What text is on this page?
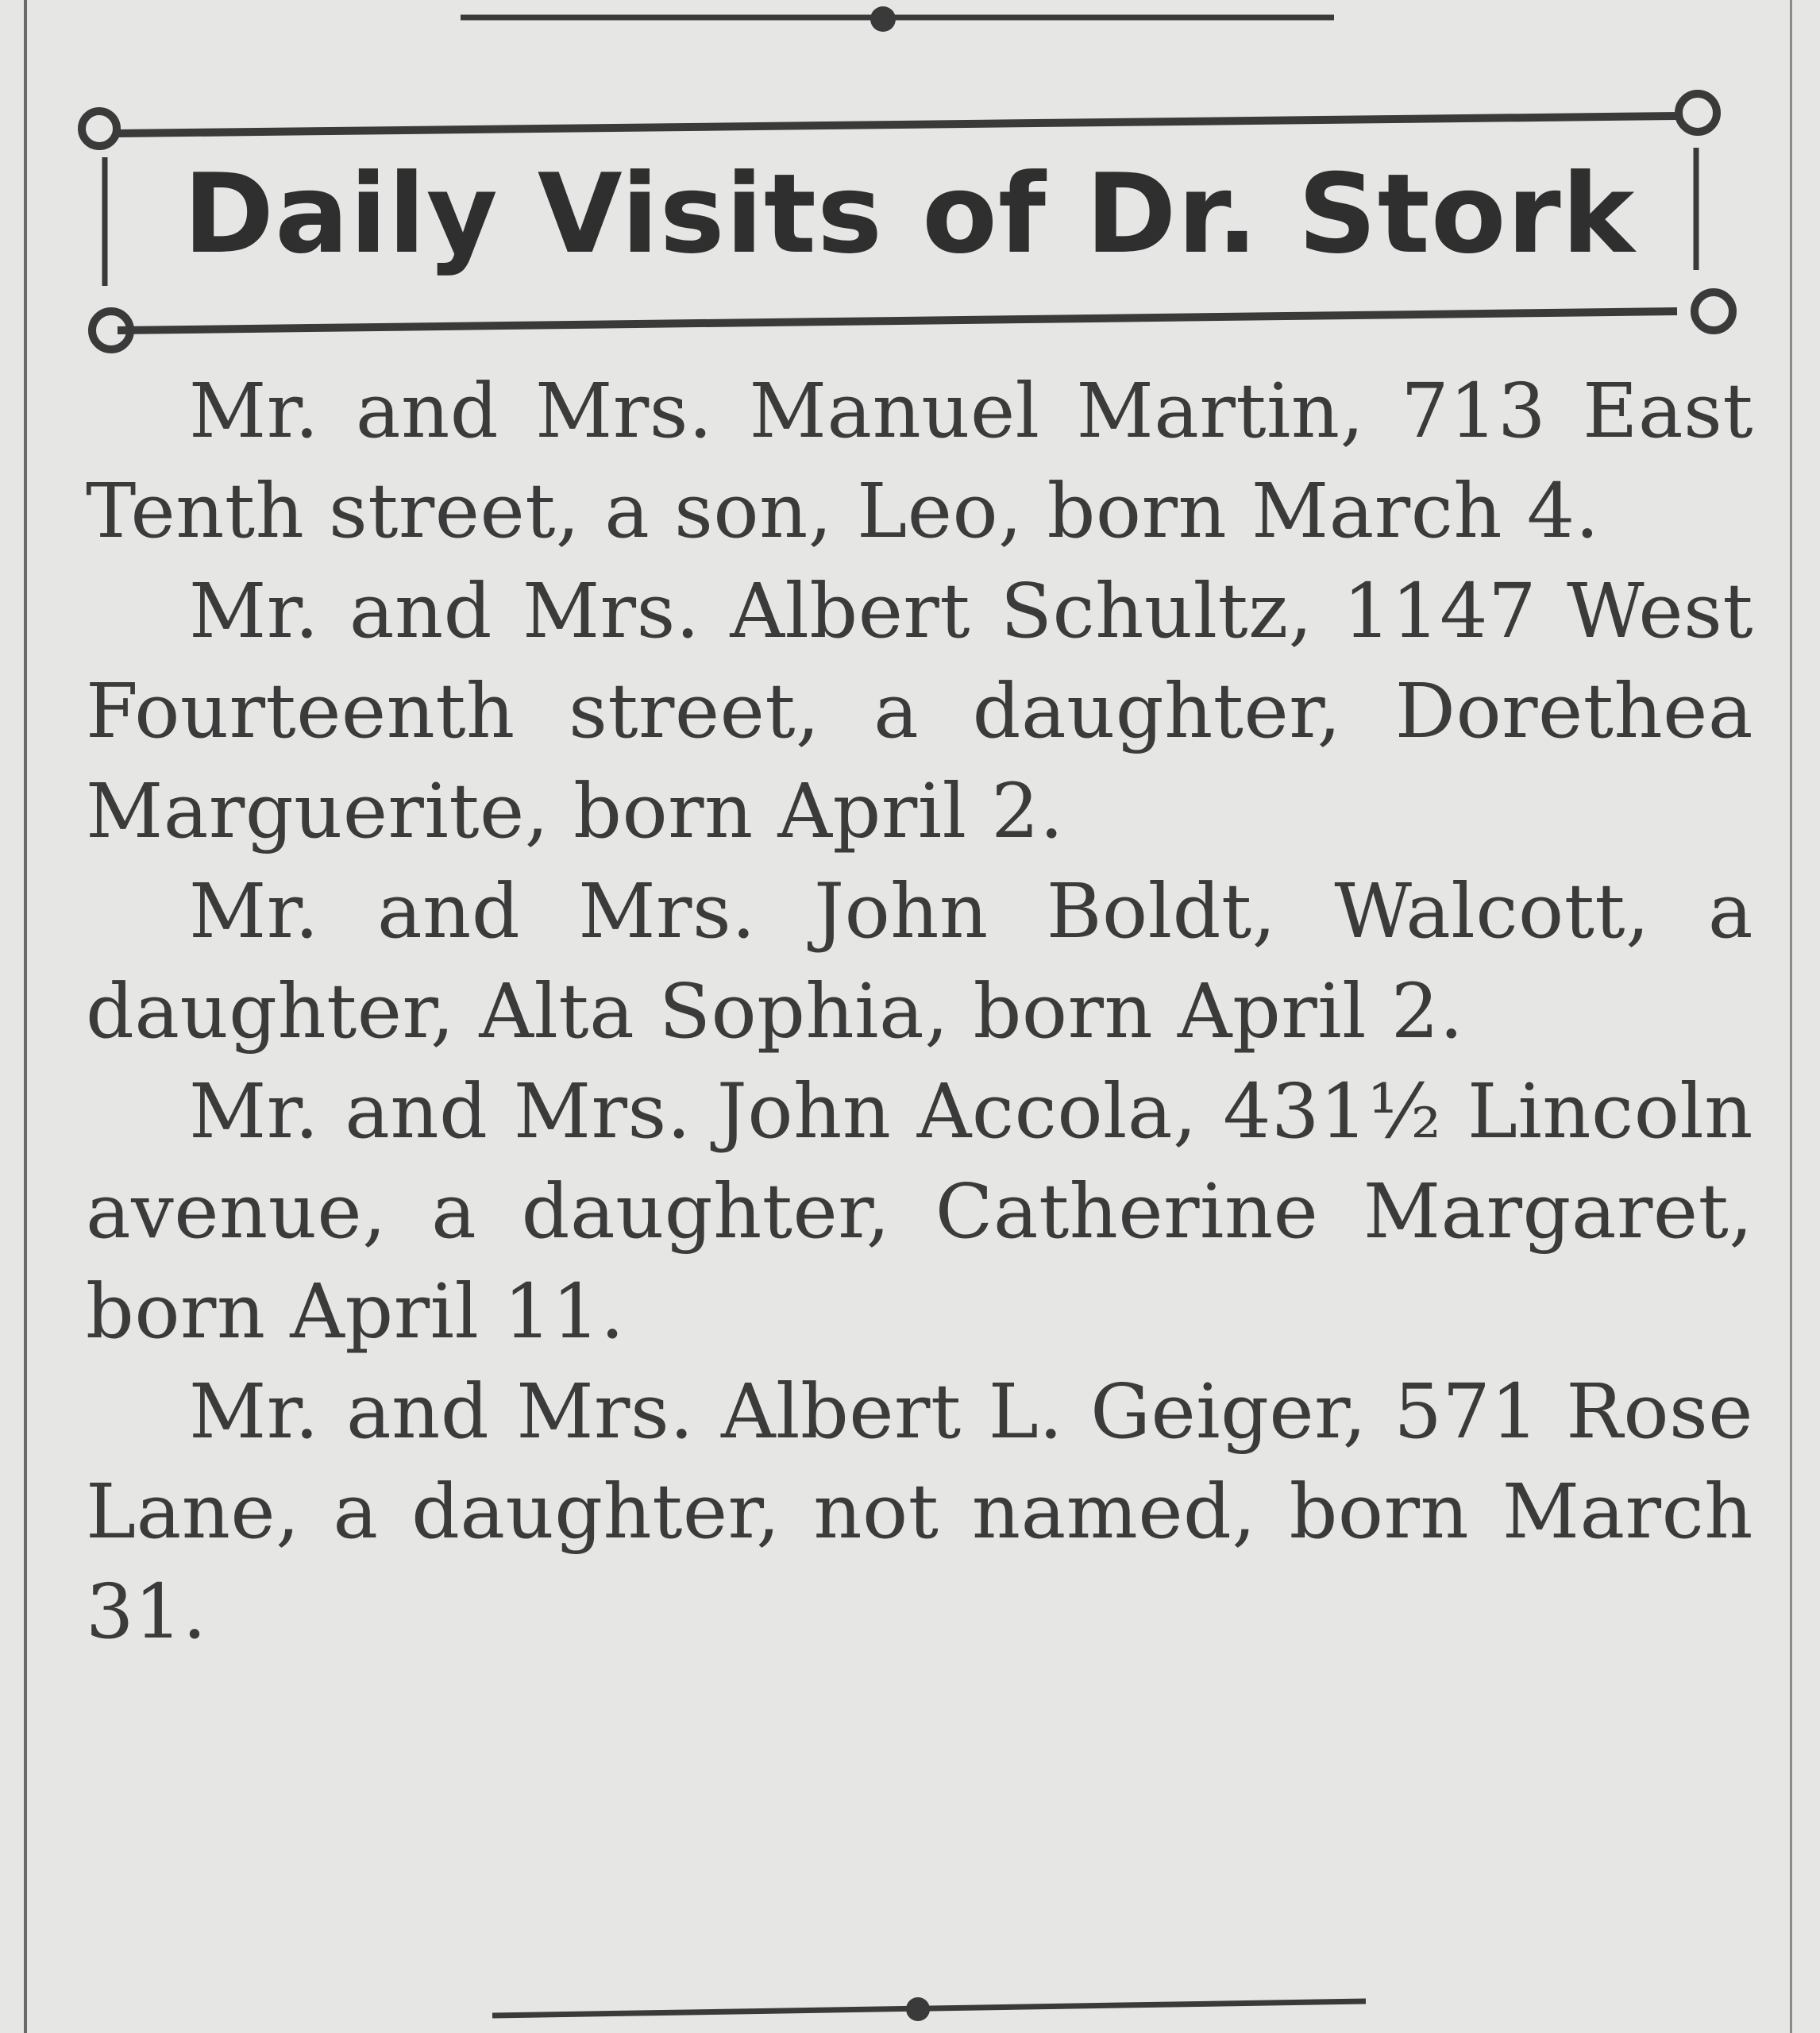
Daily Visits of Dr. Stork

Mr. and Mrs. Manuel Martin, 713 East Tenth street, a son, Leo, born March 4.

Mr. and Mrs. Albert Schultz, 1147 West Fourteenth street, a daughter, Dorethea Marguerite, born April 2.

Mr. and Mrs. John Boldt, Walcott, a daughter, Alta Sophia, born April 2.

Mr. and Mrs. John Accola, 431½ Lincoln avenue, a daughter, Catherine Margaret, born April 11.

Mr. and Mrs. Albert L. Geiger, 571 Rose Lane, a daughter, not named, born March 31.
